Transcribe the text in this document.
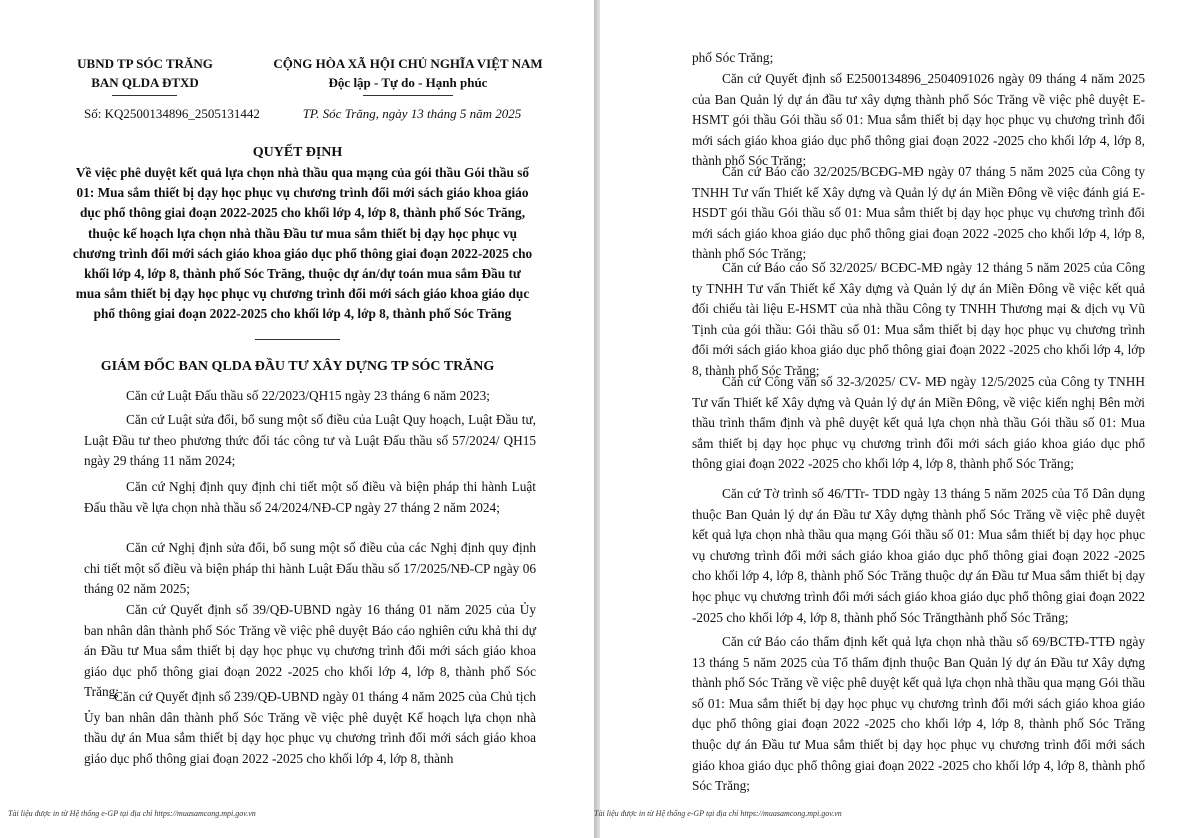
UBND TP SÓC TRĂNG
BAN QLDA ĐTXD
CỘNG HÒA XÃ HỘI CHỦ NGHĨA VIỆT NAM
Độc lập - Tự do - Hạnh phúc
Số: KQ2500134896_2505131442	TP. Sóc Trăng, ngày 13 tháng 5 năm 2025
QUYẾT ĐỊNH
Về việc phê duyệt kết quả lựa chọn nhà thầu qua mạng của gói thầu Gói thầu số 01: Mua sắm thiết bị dạy học phục vụ chương trình đổi mới sách giáo khoa giáo dục phổ thông giai đoạn 2022-2025 cho khối lớp 4, lớp 8, thành phố Sóc Trăng, thuộc kế hoạch lựa chọn nhà thầu Đầu tư mua sắm thiết bị dạy học phục vụ chương trình đổi mới sách giáo khoa giáo dục phổ thông giai đoạn 2022-2025 cho khối lớp 4, lớp 8, thành phố Sóc Trăng, thuộc dự án/dự toán mua sắm Đầu tư mua sắm thiết bị dạy học phục vụ chương trình đổi mới sách giáo khoa giáo dục phổ thông giai đoạn 2022-2025 cho khối lớp 4, lớp 8, thành phố Sóc Trăng
GIÁM ĐỐC BAN QLDA ĐẦU TƯ XÂY DỰNG TP SÓC TRĂNG

Căn cứ Luật Đấu thầu số 22/2023/QH15 ngày 23 tháng 6 năm 2023;

Căn cứ Luật sửa đổi, bổ sung một số điều của Luật Quy hoạch, Luật Đầu tư, Luật Đầu tư theo phương thức đối tác công tư và Luật Đấu thầu số 57/2024/ QH15 ngày 29 tháng 11 năm 2024;

Căn cứ Nghị định quy định chi tiết một số điều và biện pháp thi hành Luật Đấu thầu về lựa chọn nhà thầu số 24/2024/NĐ-CP ngày 27 tháng 2 năm 2024;

Căn cứ Nghị định sửa đổi, bổ sung một số điều của các Nghị định quy định chi tiết một số điều và biện pháp thi hành Luật Đấu thầu số 17/2025/NĐ-CP ngày 06 tháng 02 năm 2025;

Căn cứ Quyết định số 39/QĐ-UBND ngày 16 tháng 01 năm 2025 của Ủy ban nhân dân thành phố Sóc Trăng về việc phê duyệt Báo cáo nghiên cứu khả thi dự án Đầu tư Mua sắm thiết bị dạy học phục vụ chương trình đổi mới sách giáo khoa giáo dục phổ thông giai đoạn 2022 -2025 cho khối lớp 4, lớp 8, thành phố Sóc Trăng;

Căn cứ Quyết định số 239/QĐ-UBND ngày 01 tháng 4 năm 2025 của Chủ tịch Ủy ban nhân dân thành phố Sóc Trăng về việc phê duyệt Kế hoạch lựa chọn nhà thầu dự án Mua sắm thiết bị dạy học phục vụ chương trình đổi mới sách giáo khoa giáo dục phổ thông giai đoạn 2022 -2025 cho khối lớp 4, lớp 8, thành

Tài liệu được in từ Hệ thống e-GP tại địa chỉ https://muasamcong.mpi.gov.vn

phố Sóc Trăng;

Căn cứ Quyết định số E2500134896_2504091026 ngày 09 tháng 4 năm 2025 của Ban Quản lý dự án đầu tư xây dựng thành phố Sóc Trăng về việc phê duyệt E- HSMT gói thầu Gói thầu số 01: Mua sắm thiết bị dạy học phục vụ chương trình đổi mới sách giáo khoa giáo dục phổ thông giai đoạn 2022 -2025 cho khối lớp 4, lớp 8, thành phố Sóc Trăng;

Căn cứ Báo cáo 32/2025/BCĐG-MĐ ngày 07 tháng 5 năm 2025 của Công ty TNHH Tư vấn Thiết kế Xây dựng và Quản lý dự án Miền Đông về việc đánh giá E-HSDT gói thầu Gói thầu số 01: Mua sắm thiết bị dạy học phục vụ chương trình đổi mới sách giáo khoa giáo dục phổ thông giai đoạn 2022 -2025 cho khối lớp 4, lớp 8, thành phố Sóc Trăng;

Căn cứ Báo cáo Số 32/2025/ BCĐC-MĐ ngày 12 tháng 5 năm 2025 của Công ty TNHH Tư vấn Thiết kế Xây dựng và Quản lý dự án Miền Đông về việc kết quả đối chiếu tài liệu E-HSMT của nhà thầu Công ty TNHH Thương mại & dịch vụ Vũ Tịnh của gói thầu: Gói thầu số 01: Mua sắm thiết bị dạy học phục vụ chương trình đổi mới sách giáo khoa giáo dục phổ thông giai đoạn 2022 -2025 cho khối lớp 4, lớp 8, thành phố Sóc Trăng;

Căn cứ Công văn số 32-3/2025/ CV- MĐ ngày 12/5/2025 của Công ty TNHH Tư vấn Thiết kế Xây dựng và Quản lý dự án Miền Đông, về việc kiến nghị Bên mời thầu trình thẩm định và phê duyệt kết quả lựa chọn nhà thầu Gói thầu số 01: Mua sắm thiết bị dạy học phục vụ chương trình đổi mới sách giáo khoa giáo dục phổ thông giai đoạn 2022 -2025 cho khối lớp 4, lớp 8, thành phố Sóc Trăng;

Căn cứ Tờ trình số 46/TTr- TDD ngày 13 tháng 5 năm 2025 của Tổ Dân dụng thuộc Ban Quản lý dự án Đầu tư Xây dựng thành phố Sóc Trăng về việc phê duyệt kết quả lựa chọn nhà thầu qua mạng Gói thầu số 01: Mua sắm thiết bị dạy học phục vụ chương trình đổi mới sách giáo khoa giáo dục phổ thông giai đoạn 2022 -2025 cho khối lớp 4, lớp 8, thành phố Sóc Trăng thuộc dự án Đầu tư Mua sắm thiết bị dạy học phục vụ chương trình đổi mới sách giáo khoa giáo dục phổ thông giai đoạn 2022 -2025 cho khối lớp 4, lớp 8, thành phố Sóc Trăngthành phố Sóc Trăng;

Căn cứ Báo cáo thẩm định kết quả lựa chọn nhà thầu số 69/BCTĐ-TTĐ ngày 13 tháng 5 năm 2025 của Tổ thẩm định thuộc Ban Quản lý dự án Đầu tư Xây dựng thành phố Sóc Trăng về việc phê duyệt kết quả lựa chọn nhà thầu qua mạng Gói thầu số 01: Mua sắm thiết bị dạy học phục vụ chương trình đổi mới sách giáo khoa giáo dục phổ thông giai đoạn 2022 -2025 cho khối lớp 4, lớp 8, thành phố Sóc Trăng thuộc dự án Đầu tư Mua sắm thiết bị dạy học phục vụ chương trình đổi mới sách giáo khoa giáo dục phổ thông giai đoạn 2022 -2025 cho khối lớp 4, lớp 8, thành phố Sóc Trăng;

Tài liệu được in từ Hệ thống e-GP tại địa chỉ https://muasamcong.mpi.gov.vn
